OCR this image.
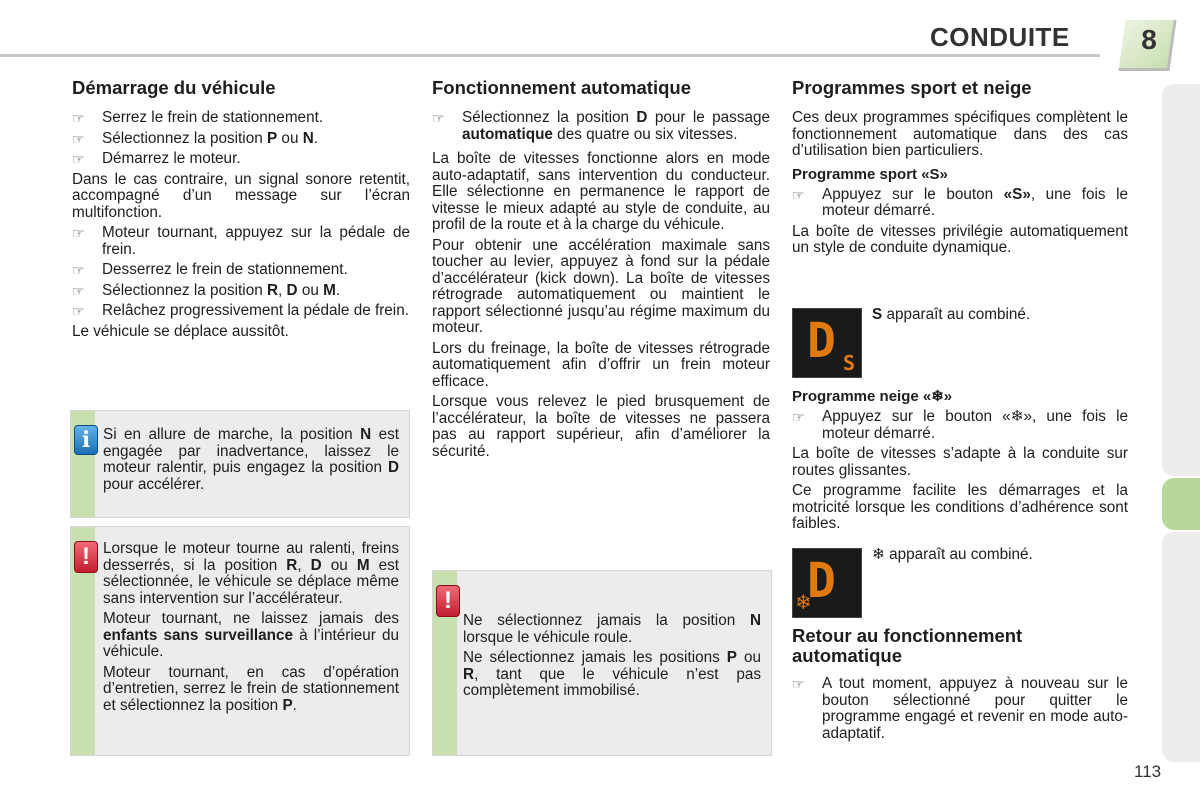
CONDUITE	8
Démarrage du véhicule
☞ Serrez le frein de stationnement.
☞ Sélectionnez la position P ou N.
☞ Démarrez le moteur.

Dans le cas contraire, un signal sonore retentit, accompagné d’un message sur l’écran multifonction.

☞ Moteur tournant, appuyez sur la pédale de frein.
☞ Desserrez le frein de stationnement.
☞ Sélectionnez la position R, D ou M.
☞ Relâchez progressivement la pédale de frein.

Le véhicule se déplace aussitôt.

i Si en allure de marche, la position N est engagée par inadvertance, laissez le moteur ralentir, puis engagez la position D pour accélérer.

! Lorsque le moteur tourne au ralenti, freins desserrés, si la position R, D ou M est sélectionnée, le véhicule se déplace même sans intervention sur l’accélérateur.

Moteur tournant, ne laissez jamais des enfants sans surveillance à l’intérieur du véhicule.

Moteur tournant, en cas d’opération d’entretien, serrez le frein de stationnement et sélectionnez la position P.

Fonctionnement automatique
☞ Sélectionnez la position D pour le passage automatique des quatre ou six vitesses.

La boîte de vitesses fonctionne alors en mode auto-adaptatif, sans intervention du conducteur. Elle sélectionne en permanence le rapport de vitesse le mieux adapté au style de conduite, au profil de la route et à la charge du véhicule.

Pour obtenir une accélération maximale sans toucher au levier, appuyez à fond sur la pédale d’accélérateur (kick down). La boîte de vitesses rétrograde automatiquement ou maintient le rapport sélectionné jusqu’au régime maximum du moteur.

Lors du freinage, la boîte de vitesses rétrograde automatiquement afin d’offrir un frein moteur efficace.

Lorsque vous relevez le pied brusquement de l’accélérateur, la boîte de vitesses ne passera pas au rapport supérieur, afin d’améliorer la sécurité.

!

Ne sélectionnez jamais la position N lorsque le véhicule roule.

Ne sélectionnez jamais les positions P ou R, tant que le véhicule n’est pas complètement immobilisé.

Programmes sport et neige

Ces deux programmes spécifiques complètent le fonctionnement automatique dans des cas d’utilisation bien particuliers.

Programme sport «S»
☞ Appuyez sur le bouton «S», une fois le moteur démarré.

La boîte de vitesses privilégie automatiquement un style de conduite dynamique.

D S

S apparaît au combiné.

Programme neige «❄»
☞ Appuyez sur le bouton «❄», une fois le moteur démarré.

La boîte de vitesses s’adapte à la conduite sur routes glissantes.

Ce programme facilite les démarrages et la motricité lorsque les conditions d’adhérence sont faibles.

D
❄

❄ apparaît au combiné.

Retour au fonctionnement automatique
☞ A tout moment, appuyez à nouveau sur le bouton sélectionné pour quitter le programme engagé et revenir en mode auto-adaptatif.
113
